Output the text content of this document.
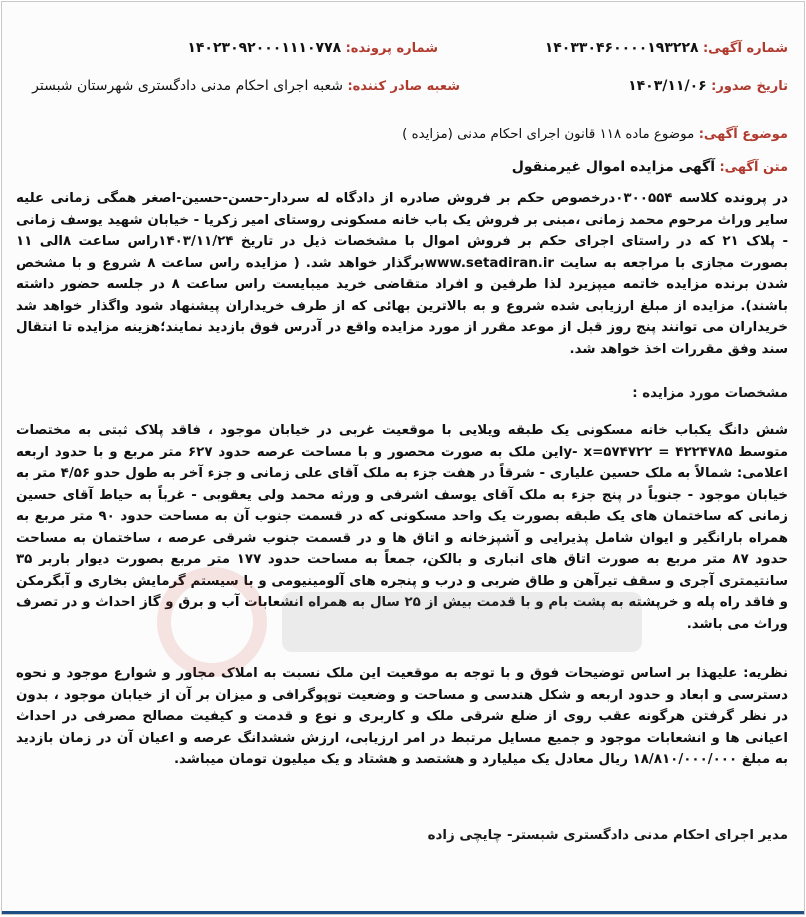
شماره آگهی: ۱۴۰۳۳۰۴۶۰۰۰۰۱۹۳۲۲۸
شماره پرونده: ۱۴۰۲۳۰۹۲۰۰۰۱۱۱۰۷۷۸
تاریخ صدور: ۱۴۰۳/۱۱/۰۶
شعبه صادر کننده: شعبه اجرای احکام مدنی دادگستری شهرستان شبستر
موضوع آگهی: موضوع ماده ۱۱۸ قانون اجرای احکام مدنی (مزایده )
متن آگهی: آگهی مزایده اموال غیرمنقول
در پرونده کلاسه ۰۳۰۰۵۵۴درخصوص حکم بر فروش صادره از دادگاه له سردار-حسن-حسین-اصغر همگی زمانی علیه سایر وراث مرحوم محمد زمانی ،مبنی بر فروش یک باب خانه مسکونی روستای امیر زکریا - خیابان شهید یوسف زمانی - پلاک ۲۱ که در راستای اجرای حکم بر فروش اموال با مشخصات ذیل در تاریخ ۱۴۰۳/۱۱/۲۴راس ساعت ۸الی ۱۱ بصورت مجازی با مراجعه به سایت www.setadiran.irبرگذار خواهد شد. ( مزایده راس ساعت ۸ شروع و با مشخص شدن برنده مزایده خاتمه میپزیرد لذا طرفین و افراد متقاضی خرید میبایست راس ساعت ۸ در جلسه حضور داشته باشند). مزایده از مبلغ ارزیابی شده شروع و به بالاترین بهائی که از طرف خریداران پیشنهاد شود واگذار خواهد شد خریداران می توانند پنج روز قبل از موعد مقرر از مورد مزایده واقع در آدرس فوق بازدید نمایند؛هزینه مزایده تا انتقال سند وفق مقررات اخذ خواهد شد.
مشخصات مورد مزایده :
شش دانگ یکباب خانه مسکونی یک طبقه ویلایی با موقعیت غربی در خیابان موجود ، فاقد پلاک ثبتی به مختصات متوسط ۴۲۲۴۷۸۵ = y- x=۵۷۴۷۲۲این ملک به صورت محصور و با مساحت عرصه حدود ۶۲۷ متر مربع و با حدود اربعه اعلامی: شمالاً به ملک حسین علیاری - شرقاً در هفت جزء به ملک آقای علی زمانی و جزء آخر به طول حدو ۴/۵۶ متر به خیابان موجود - جنوباً در پنج جزء به ملک آقای یوسف اشرفی و ورثه محمد ولی یعقوبی - غرباً به حیاط آقای حسین زمانی که ساختمان های یک طبقه بصورت یک واحد مسکونی که در قسمت جنوب آن به مساحت حدود ۹۰ متر مربع به همراه بارانگیر و ایوان شامل پذیرایی و آشپزخانه و اتاق ها و در قسمت جنوب شرقی عرصه ، ساختمان به مساحت حدود ۸۷ متر مربع به صورت اتاق های انباری و بالکن، جمعاً به مساحت حدود ۱۷۷ متر مربع بصورت دیوار باربر ۳۵ سانتیمتری آجری و سقف تیرآهن و طاق ضربی و درب و پنجره های آلومینیومی و با سیستم گرمایش بخاری و آبگرمکن و فاقد راه پله و خرپشته به پشت بام و با قدمت بیش از ۲۵ سال به همراه انشعابات آب و برق و گاز احداث و در تصرف وراث می باشد.
نظریه: علیهذا بر اساس توضیحات فوق و با توجه به موقعیت این ملک نسبت به املاک مجاور و شوارع موجود و نحوه دسترسی و ابعاد و حدود اربعه و شکل هندسی و مساحت و وضعیت توپوگرافی و میزان بر آن از خیابان موجود ، بدون در نظر گرفتن هرگونه عقب روی از ضلع شرقی ملک و کاربری و نوع و قدمت و کیفیت مصالح مصرفی در احداث اعیانی ها و انشعابات موجود و جمیع مسایل مرتبط در امر ارزیابی، ارزش ششدانگ عرصه و اعیان آن در زمان بازدید به مبلغ ۱۸/۸۱۰/۰۰۰/۰۰۰ ریال معادل یک میلیارد و هشتصد و هشتاد و یک میلیون تومان میباشد.
مدیر اجرای احکام مدنی دادگستری شبستر- چایچی زاده
